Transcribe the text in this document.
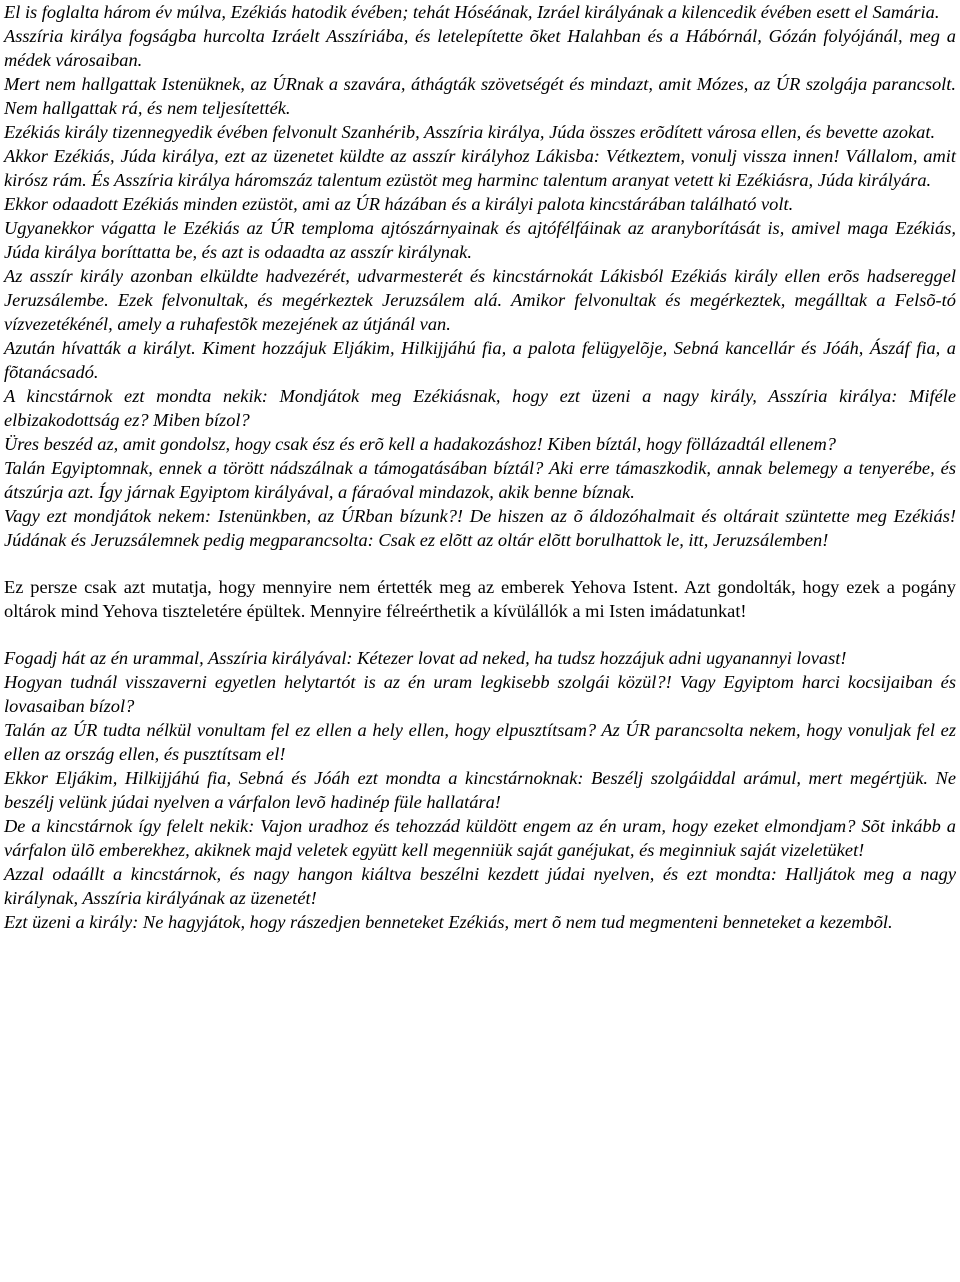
El is foglalta három év múlva, Ezékiás hatodik évében; tehát Hóséának, Izráel királyának a kilencedik évében esett el Samária.

Asszíria királya fogságba hurcolta Izráelt Asszíriába, és letelepítette õket Halahban és a Hábórnál, Gózán folyójánál, meg a médek városaiban.

Mert nem hallgattak Istenüknek, az ÚRnak a szavára, áthágták szövetségét és mindazt, amit Mózes, az ÚR szolgája parancsolt. Nem hallgattak rá, és nem teljesítették.

Ezékiás király tizennegyedik évében felvonult Szanhérib, Asszíria királya, Júda összes erõdített városa ellen, és bevette azokat.

Akkor Ezékiás, Júda királya, ezt az üzenetet küldte az asszír királyhoz Lákisba: Vétkeztem, vonulj vissza innen! Vállalom, amit kirósz rám. És Asszíria királya háromszáz talentum ezüstöt meg harminc talentum aranyat vetett ki Ezékiásra, Júda királyára.

Ekkor odaadott Ezékiás minden ezüstöt, ami az ÚR házában és a királyi palota kincstárában található volt.

Ugyanekkor vágatta le Ezékiás az ÚR temploma ajtószárnyainak és ajtófélfáinak az aranyborítását is, amivel maga Ezékiás, Júda királya boríttatta be, és azt is odaadta az asszír királynak.

Az asszír király azonban elküldte hadvezérét, udvarmesterét és kincstárnokát Lákisból Ezékiás király ellen erõs hadsereggel Jeruzsálembe. Ezek felvonultak, és megérkeztek Jeruzsálem alá. Amikor felvonultak és megérkeztek, megálltak a Felsõ-tó vízvezetékénél, amely a ruhafestõk mezejének az útjánál van.

Azután hívatták a királyt. Kiment hozzájuk Eljákim, Hilkijjáhú fia, a palota felügyelõje, Sebná kancellár és Jóáh, Ászáf fia, a fõtanácsadó.

A kincstárnok ezt mondta nekik: Mondjátok meg Ezékiásnak, hogy ezt üzeni a nagy király, Asszíria királya: Miféle elbizakodottság ez? Miben bízol?

Üres beszéd az, amit gondolsz, hogy csak ész és erõ kell a hadakozáshoz! Kiben bíztál, hogy föllázadtál ellenem?

Talán Egyiptomnak, ennek a törött nádszálnak a támogatásában bíztál? Aki erre támaszkodik, annak belemegy a tenyerébe, és átszúrja azt. Így járnak Egyiptom királyával, a fáraóval mindazok, akik benne bíznak.

Vagy ezt mondjátok nekem: Istenünkben, az ÚRban bízunk?! De hiszen az õ áldozóhalmait és oltárait szüntette meg Ezékiás! Júdának és Jeruzsálemnek pedig megparancsolta: Csak ez elõtt az oltár elõtt borulhattok le, itt, Jeruzsálemben!

Ez persze csak azt mutatja, hogy mennyire nem értették meg az emberek Yehova Istent. Azt gondolták, hogy ezek a pogány oltárok mind Yehova tiszteletére épültek. Mennyire félreérthetik a kívülállók a mi Isten imádatunkat!

Fogadj hát az én urammal, Asszíria királyával: Kétezer lovat ad neked, ha tudsz hozzájuk adni ugyanannyi lovast!

Hogyan tudnál visszaverni egyetlen helytartót is az én uram legkisebb szolgái közül?! Vagy Egyiptom harci kocsijaiban és lovasaiban bízol?

Talán az ÚR tudta nélkül vonultam fel ez ellen a hely ellen, hogy elpusztítsam? Az ÚR parancsolta nekem, hogy vonuljak fel ez ellen az ország ellen, és pusztítsam el!

Ekkor Eljákim, Hilkijjáhú fia, Sebná és Jóáh ezt mondta a kincstárnoknak: Beszélj szolgáiddal arámul, mert megértjük. Ne beszélj velünk júdai nyelven a várfalon levõ hadinép füle hallatára!

De a kincstárnok így felelt nekik: Vajon uradhoz és tehozzád küldött engem az én uram, hogy ezeket elmondjam? Sõt inkább a várfalon ülõ emberekhez, akiknek majd veletek együtt kell megenniük saját ganéjukat, és meginniuk saját vizeletüket!

Azzal odaállt a kincstárnok, és nagy hangon kiáltva beszélni kezdett júdai nyelven, és ezt mondta: Halljátok meg a nagy királynak, Asszíria királyának az üzenetét!

Ezt üzeni a király: Ne hagyjátok, hogy rászedjen benneteket Ezékiás, mert õ nem tud megmenteni benneteket a kezembõl.
